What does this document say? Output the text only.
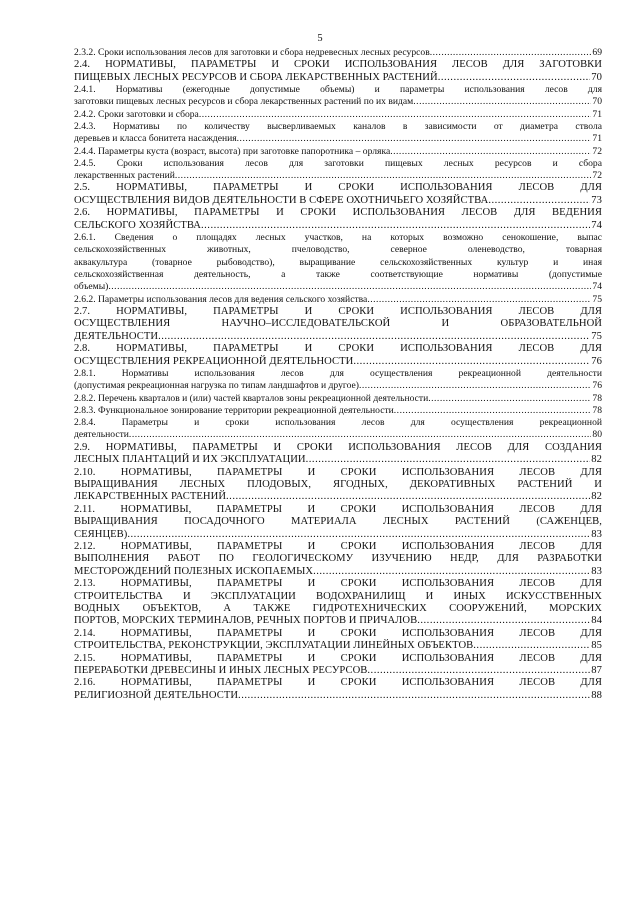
5
2.3.2. Сроки использования лесов для заготовки и сбора недревесных лесных ресурсов .....	69
2.4. НОРМАТИВЫ, ПАРАМЕТРЫ И СРОКИ ИСПОЛЬЗОВАНИЯ ЛЕСОВ ДЛЯ ЗАГОТОВКИ
ПИЩЕВЫХ ЛЕСНЫХ РЕСУРСОВ И СБОРА ЛЕКАРСТВЕННЫХ РАСТЕНИЙ .....	70
2.4.1. Нормативы (ежегодные допустимые объемы) и параметры использования лесов для
заготовки пищевых лесных ресурсов и сбора лекарственных растений по их видам .....	70
2.4.2. Сроки заготовки и сбора .....	71
2.4.3. Нормативы по количеству высверливаемых каналов в зависимости от диаметра ствола
деревьев и класса бонитета насаждения .....	71
2.4.4. Параметры куста (возраст, высота) при заготовке папоротника – орляка .....	72
2.4.5. Сроки использования лесов для заготовки пищевых лесных ресурсов и сбора
лекарственных растений .....	72
2.5. НОРМАТИВЫ, ПАРАМЕТРЫ И СРОКИ ИСПОЛЬЗОВАНИЯ ЛЕСОВ ДЛЯ
ОСУЩЕСТВЛЕНИЯ ВИДОВ ДЕЯТЕЛЬНОСТИ В СФЕРЕ ОХОТНИЧЬЕГО ХОЗЯЙСТВА .....	73
2.6. НОРМАТИВЫ, ПАРАМЕТРЫ И СРОКИ ИСПОЛЬЗОВАНИЯ ЛЕСОВ ДЛЯ ВЕДЕНИЯ
СЕЛЬСКОГО ХОЗЯЙСТВА .....	74
2.6.1. Сведения о площадях лесных участков, на которых возможно сенокошение, выпас
сельскохозяйственных животных, пчеловодство, северное оленеводство, товарная
аквакультура (товарное рыбоводство), выращивание сельскохозяйственных культур и иная
сельскохозяйственная деятельность, а также соответствующие нормативы (допустимые
объемы) .....	74
2.6.2. Параметры использования лесов для ведения сельского хозяйства .....	75
2.7. НОРМАТИВЫ, ПАРАМЕТРЫ И СРОКИ ИСПОЛЬЗОВАНИЯ ЛЕСОВ ДЛЯ
ОСУЩЕСТВЛЕНИЯ НАУЧНО–ИССЛЕДОВАТЕЛЬСКОЙ И ОБРАЗОВАТЕЛЬНОЙ
ДЕЯТЕЛЬНОСТИ .....	75
2.8. НОРМАТИВЫ, ПАРАМЕТРЫ И СРОКИ ИСПОЛЬЗОВАНИЯ ЛЕСОВ ДЛЯ
ОСУЩЕСТВЛЕНИЯ РЕКРЕАЦИОННОЙ ДЕЯТЕЛЬНОСТИ .....	76
2.8.1. Нормативы использования лесов для осуществления рекреационной деятельности
(допустимая рекреационная нагрузка по типам ландшафтов и другое) .....	76
2.8.2. Перечень кварталов и (или) частей кварталов зоны рекреационной деятельности .....	78
2.8.3. Функциональное зонирование территории рекреационной деятельности .....	78
2.8.4. Параметры и сроки использования лесов для осуществления рекреационной
деятельности .....	80
2.9. НОРМАТИВЫ, ПАРАМЕТРЫ И СРОКИ ИСПОЛЬЗОВАНИЯ ЛЕСОВ ДЛЯ СОЗДАНИЯ
ЛЕСНЫХ ПЛАНТАЦИЙ И ИХ ЭКСПЛУАТАЦИИ .....	82
2.10. НОРМАТИВЫ, ПАРАМЕТРЫ И СРОКИ ИСПОЛЬЗОВАНИЯ ЛЕСОВ ДЛЯ
ВЫРАЩИВАНИЯ ЛЕСНЫХ ПЛОДОВЫХ, ЯГОДНЫХ, ДЕКОРАТИВНЫХ РАСТЕНИЙ И
ЛЕКАРСТВЕННЫХ РАСТЕНИЙ .....	82
2.11. НОРМАТИВЫ, ПАРАМЕТРЫ И СРОКИ ИСПОЛЬЗОВАНИЯ ЛЕСОВ ДЛЯ
ВЫРАЩИВАНИЯ ПОСАДОЧНОГО МАТЕРИАЛА ЛЕСНЫХ РАСТЕНИЙ (САЖЕНЦЕВ,
СЕЯНЦЕВ) .....	83
2.12. НОРМАТИВЫ, ПАРАМЕТРЫ И СРОКИ ИСПОЛЬЗОВАНИЯ ЛЕСОВ ДЛЯ
ВЫПОЛНЕНИЯ РАБОТ ПО ГЕОЛОГИЧЕСКОМУ ИЗУЧЕНИЮ НЕДР, ДЛЯ РАЗРАБОТКИ
МЕСТОРОЖДЕНИЙ ПОЛЕЗНЫХ ИСКОПАЕМЫХ .....	83
2.13. НОРМАТИВЫ, ПАРАМЕТРЫ И СРОКИ ИСПОЛЬЗОВАНИЯ ЛЕСОВ ДЛЯ
СТРОИТЕЛЬСТВА И ЭКСПЛУАТАЦИИ ВОДОХРАНИЛИЩ И ИНЫХ ИСКУССТВЕННЫХ
ВОДНЫХ ОБЪЕКТОВ, А ТАКЖЕ ГИДРОТЕХНИЧЕСКИХ СООРУЖЕНИЙ, МОРСКИХ
ПОРТОВ, МОРСКИХ ТЕРМИНАЛОВ, РЕЧНЫХ ПОРТОВ И ПРИЧАЛОВ .....	84
2.14. НОРМАТИВЫ, ПАРАМЕТРЫ И СРОКИ ИСПОЛЬЗОВАНИЯ ЛЕСОВ ДЛЯ
СТРОИТЕЛЬСТВА, РЕКОНСТРУКЦИИ, ЭКСПЛУАТАЦИИ ЛИНЕЙНЫХ ОБЪЕКТОВ .....	85
2.15. НОРМАТИВЫ, ПАРАМЕТРЫ И СРОКИ ИСПОЛЬЗОВАНИЯ ЛЕСОВ ДЛЯ
ПЕРЕРАБОТКИ ДРЕВЕСИНЫ И ИНЫХ ЛЕСНЫХ РЕСУРСОВ .....	87
2.16. НОРМАТИВЫ, ПАРАМЕТРЫ И СРОКИ ИСПОЛЬЗОВАНИЯ ЛЕСОВ ДЛЯ
РЕЛИГИОЗНОЙ ДЕЯТЕЛЬНОСТИ .....	88
